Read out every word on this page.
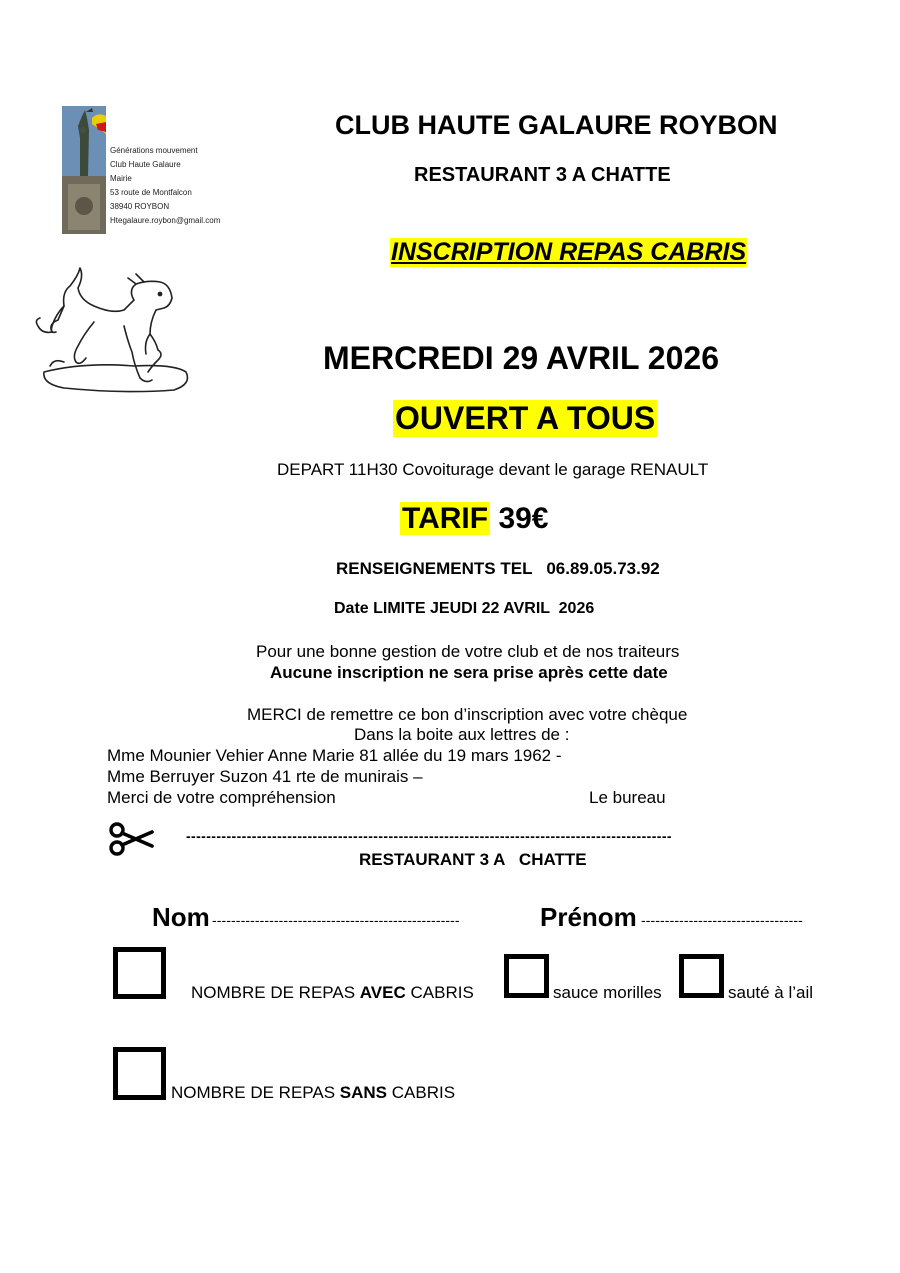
Générations mouvement
Club Haute Galaure
Mairie
53 route de Montfalcon
38940 ROYBON
Htegalaure.roybon@gmail.com
CLUB HAUTE GALAURE ROYBON
RESTAURANT 3 A CHATTE
INSCRIPTION REPAS CABRIS
MERCREDI 29 AVRIL 2026
OUVERT A TOUS
DEPART 11H30 Covoiturage devant le garage RENAULT
TARIF 39€
RENSEIGNEMENTS TEL   06.89.05.73.92
Date LIMITE JEUDI 22 AVRIL  2026
Pour une bonne gestion de votre club et de nos traiteurs
Aucune inscription ne sera prise après cette date
MERCI de remettre ce bon d’inscription avec votre chèque
Dans la boite aux lettres de :
Mme Mounier Vehier Anne Marie 81 allée du 19 mars 1962 -
Mme Berruyer Suzon 41 rte de munirais –
Merci de votre compréhension	Le bureau
------------------------------------------------------------------------------------------------
RESTAURANT 3 A   CHATTE
Nom ----------------------------------------------------	Prénom ----------------------------------
NOMBRE DE REPAS AVEC CABRIS	sauce morilles	sauté à l’ail
NOMBRE DE REPAS SANS CABRIS
